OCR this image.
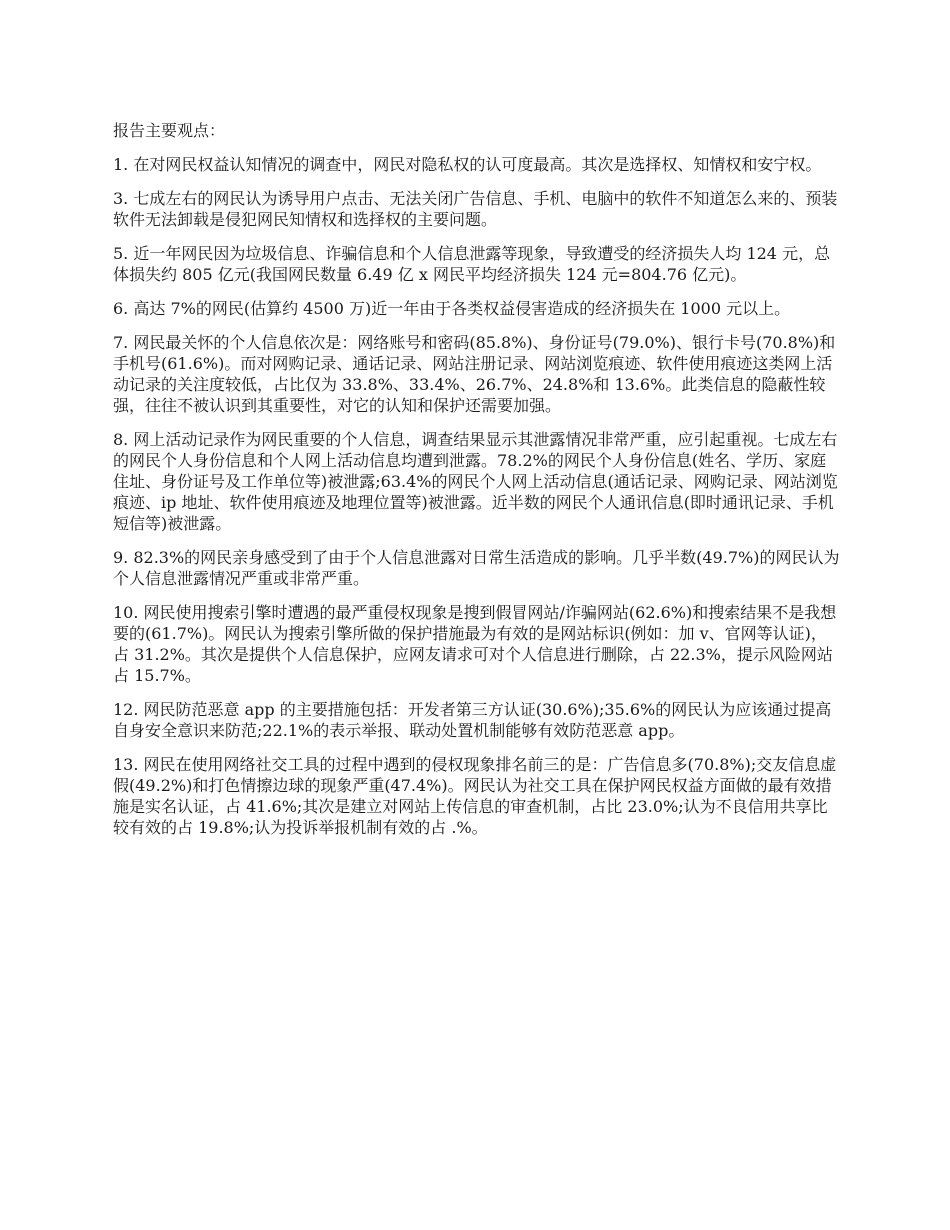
报告主要观点：

1. 在对网民权益认知情况的调查中，网民对隐私权的认可度最高。其次是选择权、知情权和安宁权。

3. 七成左右的网民认为诱导用户点击、无法关闭广告信息、手机、电脑中的软件不知道怎么来的、预装软件无法卸载是侵犯网民知情权和选择权的主要问题。

5. 近一年网民因为垃圾信息、诈骗信息和个人信息泄露等现象，导致遭受的经济损失人均 124 元，总体损失约 805 亿元(我国网民数量 6.49 亿 x 网民平均经济损失 124 元=804.76 亿元)。

6. 高达 7%的网民(估算约 4500 万)近一年由于各类权益侵害造成的经济损失在 1000 元以上。

7. 网民最关怀的个人信息依次是：网络账号和密码(85.8%)、身份证号(79.0%)、银行卡号(70.8%)和手机号(61.6%)。而对网购记录、通话记录、网站注册记录、网站浏览痕迹、软件使用痕迹这类网上活动记录的关注度较低，占比仅为 33.8%、33.4%、26.7%、24.8%和 13.6%。此类信息的隐蔽性较强，往往不被认识到其重要性，对它的认知和保护还需要加强。

8. 网上活动记录作为网民重要的个人信息，调查结果显示其泄露情况非常严重，应引起重视。七成左右的网民个人身份信息和个人网上活动信息均遭到泄露。78.2%的网民个人身份信息(姓名、学历、家庭住址、身份证号及工作单位等)被泄露;63.4%的网民个人网上活动信息(通话记录、网购记录、网站浏览痕迹、ip 地址、软件使用痕迹及地理位置等)被泄露。近半数的网民个人通讯信息(即时通讯记录、手机短信等)被泄露。

9. 82.3%的网民亲身感受到了由于个人信息泄露对日常生活造成的影响。几乎半数(49.7%)的网民认为个人信息泄露情况严重或非常严重。

10. 网民使用搜索引擎时遭遇的最严重侵权现象是搜到假冒网站/诈骗网站(62.6%)和搜索结果不是我想要的(61.7%)。网民认为搜索引擎所做的保护措施最为有效的是网站标识(例如：加 v、官网等认证)，占 31.2%。其次是提供个人信息保护，应网友请求可对个人信息进行删除，占 22.3%，提示风险网站占 15.7%。

12. 网民防范恶意 app 的主要措施包括：开发者第三方认证(30.6%);35.6%的网民认为应该通过提高自身安全意识来防范;22.1%的表示举报、联动处置机制能够有效防范恶意 app。

13. 网民在使用网络社交工具的过程中遇到的侵权现象排名前三的是：广告信息多(70.8%);交友信息虚假(49.2%)和打色情擦边球的现象严重(47.4%)。网民认为社交工具在保护网民权益方面做的最有效措施是实名认证，占 41.6%;其次是建立对网站上传信息的审查机制，占比 23.0%;认为不良信用共享比较有效的占 19.8%;认为投诉举报机制有效的占 .%。
